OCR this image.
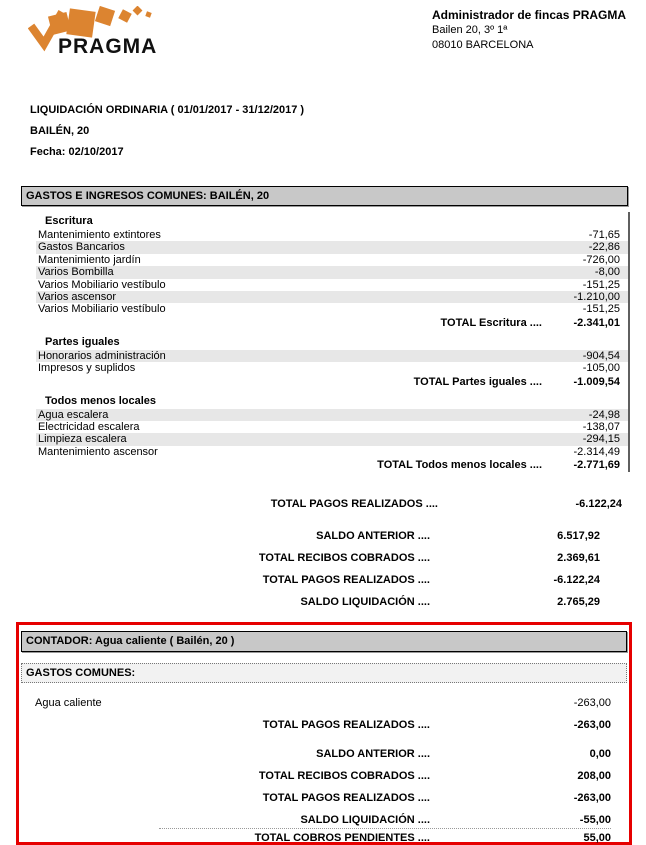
PRAGMA
Administrador de fincas PRAGMA
Bailen 20, 3º 1ª
08010 BARCELONA
LIQUIDACIÓN ORDINARIA ( 01/01/2017 - 31/12/2017 )
BAILÉN, 20
Fecha: 02/10/2017
GASTOS E INGRESOS COMUNES: BAILÉN, 20
Escritura
Mantenimiento extintores	-71,65
Gastos Bancarios	-22,86
Mantenimiento jardín	-726,00
Varios Bombilla	-8,00
Varios Mobiliario vestíbulo	-151,25
Varios ascensor	-1.210,00
Varios Mobiliario vestíbulo	-151,25
TOTAL Escritura ....	-2.341,01
Partes iguales
Honorarios administración	-904,54
Impresos y suplidos	-105,00
TOTAL Partes iguales ....	-1.009,54
Todos menos locales
Agua escalera	-24,98
Electricidad escalera	-138,07
Limpieza escalera	-294,15
Mantenimiento ascensor	-2.314,49
TOTAL Todos menos locales ....	-2.771,69
TOTAL PAGOS REALIZADOS ....	-6.122,24
SALDO ANTERIOR ....	6.517,92
TOTAL RECIBOS COBRADOS ....	2.369,61
TOTAL PAGOS REALIZADOS ....	-6.122,24
SALDO LIQUIDACIÓN ....	2.765,29
CONTADOR: Agua caliente ( Bailén, 20 )
GASTOS COMUNES:
Agua caliente	-263,00
TOTAL PAGOS REALIZADOS ....	-263,00
SALDO ANTERIOR ....	0,00
TOTAL RECIBOS COBRADOS ....	208,00
TOTAL PAGOS REALIZADOS ....	-263,00
SALDO LIQUIDACIÓN ....	-55,00
TOTAL COBROS PENDIENTES ....	55,00
